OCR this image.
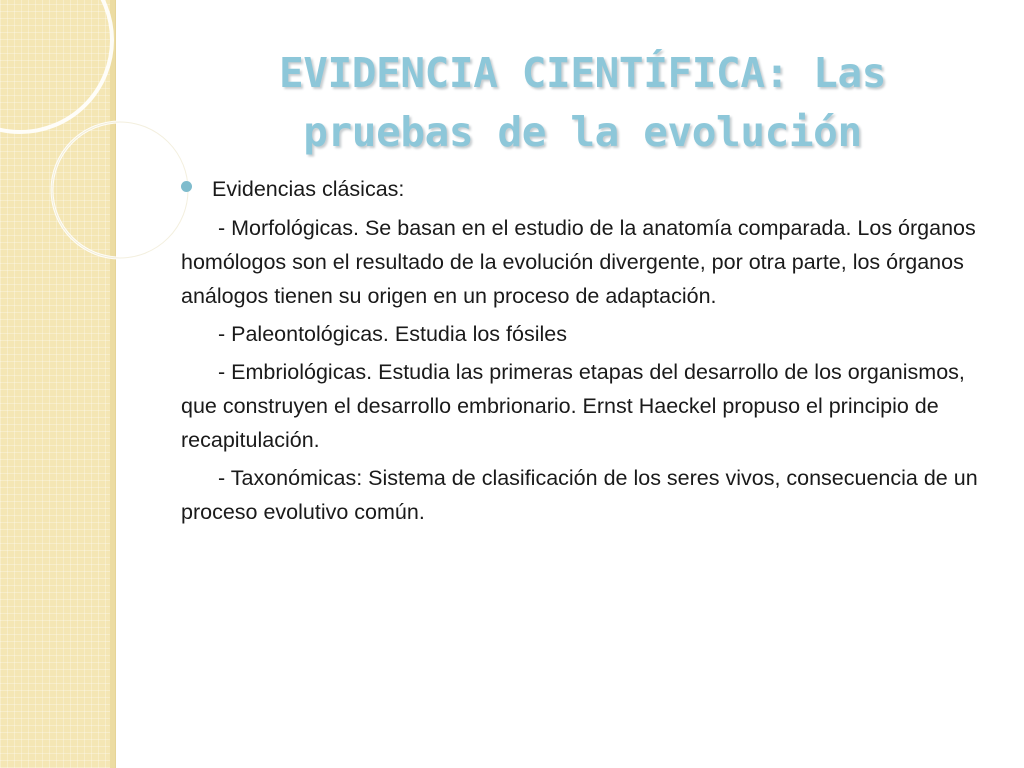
EVIDENCIA CIENTÍFICA: Las
pruebas de la evolución

Evidencias clásicas:

- Morfológicas. Se basan en el estudio de la anatomía comparada. Los órganos homólogos son el resultado de la evolución divergente, por otra parte, los órganos análogos tienen su origen en un proceso de adaptación.

- Paleontológicas. Estudia los fósiles

- Embriológicas. Estudia las primeras etapas del desarrollo de los organismos, que construyen el desarrollo embrionario. Ernst Haeckel propuso el principio de recapitulación.

- Taxonómicas: Sistema de clasificación de los seres vivos, consecuencia de un proceso evolutivo común.
